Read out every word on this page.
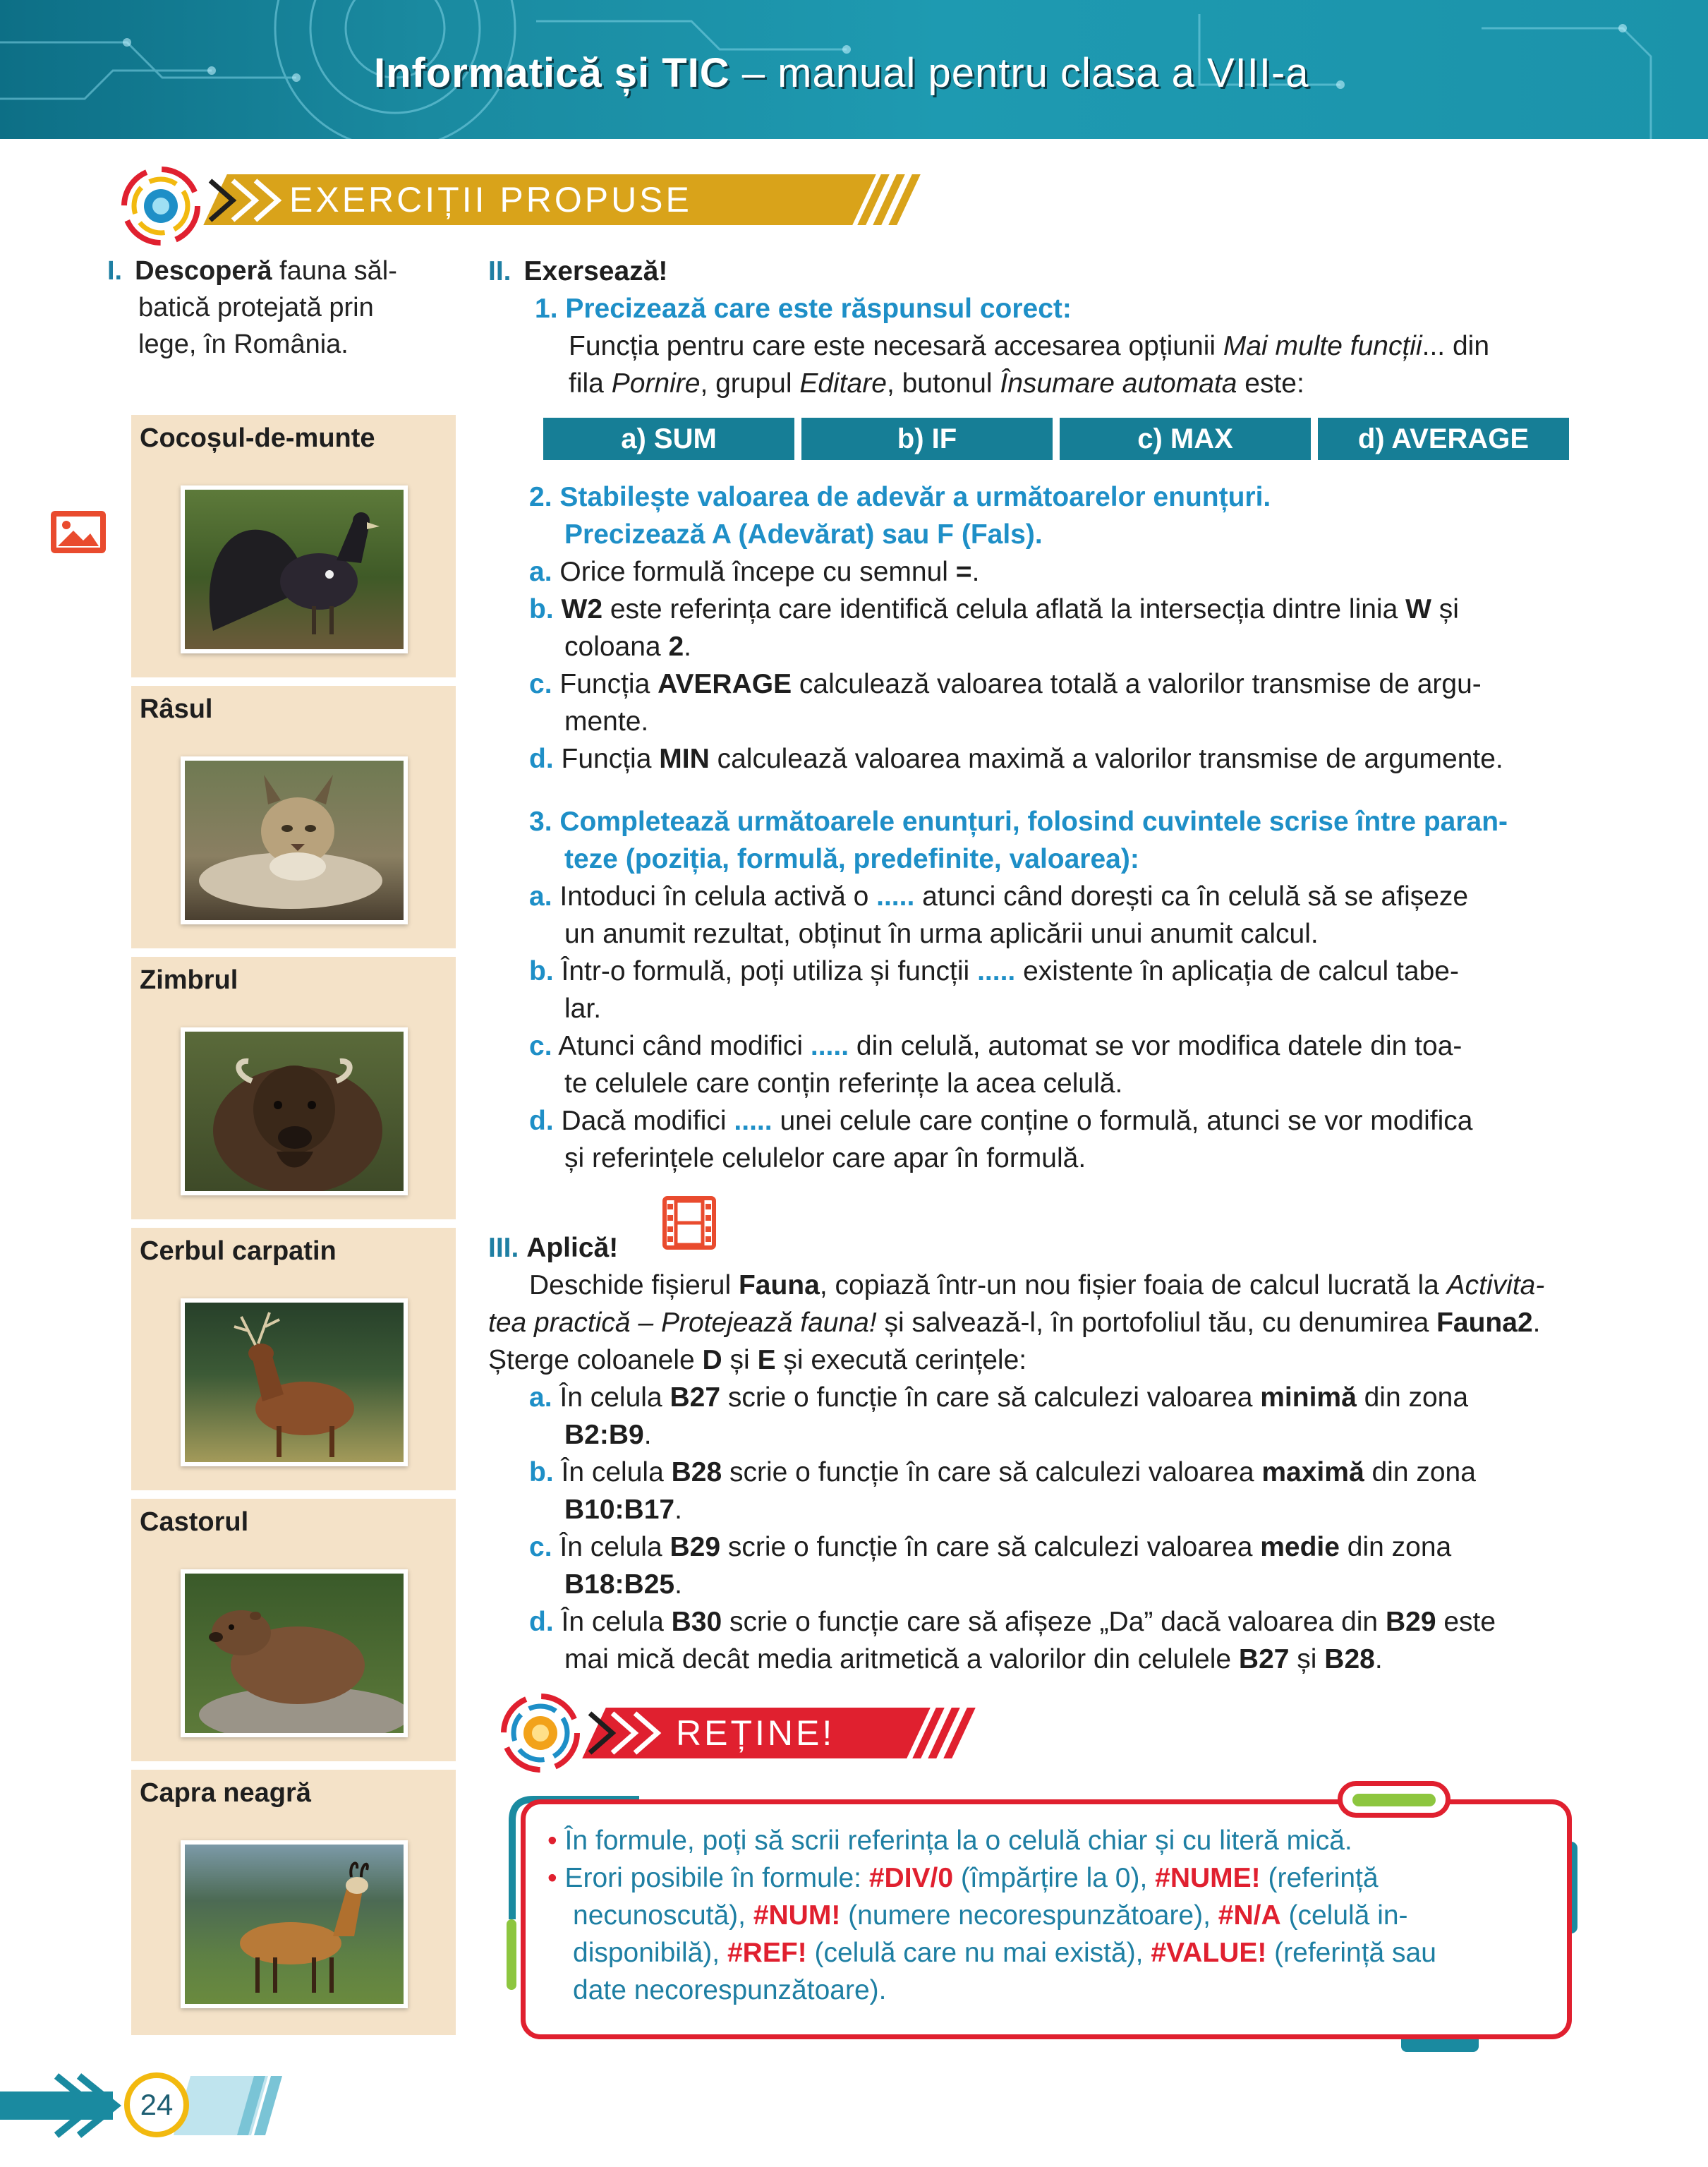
Informatică și TIC – manual pentru clasa a VIII-a
EXERCIȚII PROPUSE
I. Descoperă fauna săl-
batică protejată prin
lege, în România.
Cocoșul-de-munte
Râsul
Zimbrul
Cerbul carpatin
Castorul
Capra neagră
II. Exersează!
1. Precizează care este răspunsul corect:
Funcția pentru care este necesară accesarea opțiunii Mai multe funcții... din
fila Pornire, grupul Editare, butonul Însumare automata este:
a) SUM	b) IF	c) MAX	d) AVERAGE
2. Stabilește valoarea de adevăr a următoarelor enunțuri.
Precizează A (Adevărat) sau F (Fals).
a. Orice formulă începe cu semnul =.
b. W2 este referința care identifică celula aflată la intersecția dintre linia W și
coloana 2.
c. Funcția AVERAGE calculează valoarea totală a valorilor transmise de argu-
mente.
d. Funcția MIN calculează valoarea maximă a valorilor transmise de argumente.
3. Completează următoarele enunțuri, folosind cuvintele scrise între paran-
teze (poziția, formulă, predefinite, valoarea):
a. Intoduci în celula activă o ..... atunci când dorești ca în celulă să se afișeze
un anumit rezultat, obținut în urma aplicării unui anumit calcul.
b. Într-o formulă, poți utiliza și funcții ..... existente în aplicația de calcul tabe-
lar.
c. Atunci când modifici ..... din celulă, automat se vor modifica datele din toa-
te celulele care conțin referințe la acea celulă.
d. Dacă modifici ..... unei celule care conține o formulă, atunci se vor modifica
și referințele celulelor care apar în formulă.
III. Aplică!
Deschide fișierul Fauna, copiază într-un nou fișier foaia de calcul lucrată la Activita-
tea practică – Protejează fauna! și salvează-l, în portofoliul tău, cu denumirea Fauna2.
Șterge coloanele D și E și execută cerințele:
a. În celula B27 scrie o funcție în care să calculezi valoarea minimă din zona
B2:B9.
b. În celula B28 scrie o funcție în care să calculezi valoarea maximă din zona
B10:B17.
c. În celula B29 scrie o funcție în care să calculezi valoarea medie din zona
B18:B25.
d. În celula B30 scrie o funcție care să afișeze „Da” dacă valoarea din B29 este
mai mică decât media aritmetică a valorilor din celulele B27 și B28.
REȚINE!
• În formule, poți să scrii referința la o celulă chiar și cu literă mică.
• Erori posibile în formule: #DIV/0 (împărțire la 0), #NUME! (referință
necunoscută), #NUM! (numere necorespunzătoare), #N/A (celulă in-
disponibilă), #REF! (celulă care nu mai există), #VALUE! (referință sau
date necorespunzătoare).
24
